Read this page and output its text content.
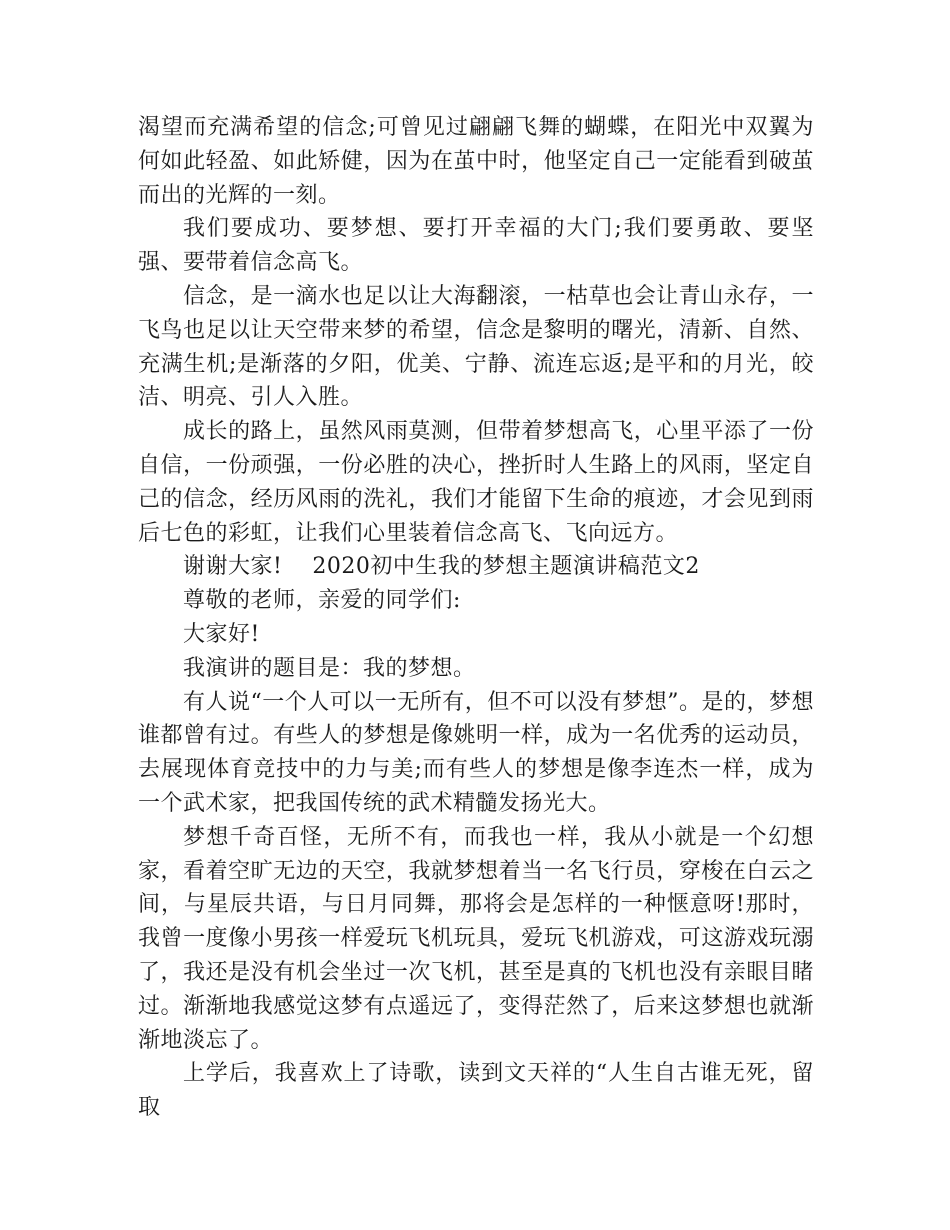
渴望而充满希望的信念;可曾见过翩翩飞舞的蝴蝶，在阳光中双翼为何如此轻盈、如此矫健，因为在茧中时，他坚定自己一定能看到破茧而出的光辉的一刻。

我们要成功、要梦想、要打开幸福的大门;我们要勇敢、要坚强、要带着信念高飞。

信念，是一滴水也足以让大海翻滚，一枯草也会让青山永存，一飞鸟也足以让天空带来梦的希望，信念是黎明的曙光，清新、自然、充满生机;是渐落的夕阳，优美、宁静、流连忘返;是平和的月光，皎洁、明亮、引人入胜。

成长的路上，虽然风雨莫测，但带着梦想高飞，心里平添了一份自信，一份顽强，一份必胜的决心，挫折时人生路上的风雨，坚定自己的信念，经历风雨的洗礼，我们才能留下生命的痕迹，才会见到雨后七色的彩虹，让我们心里装着信念高飞、飞向远方。

谢谢大家! 2020初中生我的梦想主题演讲稿范文2

尊敬的老师，亲爱的同学们:

大家好!

我演讲的题目是：我的梦想。

有人说“一个人可以一无所有，但不可以没有梦想”。是的，梦想谁都曾有过。有些人的梦想是像姚明一样，成为一名优秀的运动员，去展现体育竞技中的力与美;而有些人的梦想是像李连杰一样，成为一个武术家，把我国传统的武术精髓发扬光大。

梦想千奇百怪，无所不有，而我也一样，我从小就是一个幻想家，看着空旷无边的天空，我就梦想着当一名飞行员，穿梭在白云之间，与星辰共语，与日月同舞，那将会是怎样的一种惬意呀!那时，我曾一度像小男孩一样爱玩飞机玩具，爱玩飞机游戏，可这游戏玩溺了，我还是没有机会坐过一次飞机，甚至是真的飞机也没有亲眼目睹过。渐渐地我感觉这梦有点遥远了，变得茫然了，后来这梦想也就渐渐地淡忘了。

上学后，我喜欢上了诗歌，读到文天祥的“人生自古谁无死，留取
